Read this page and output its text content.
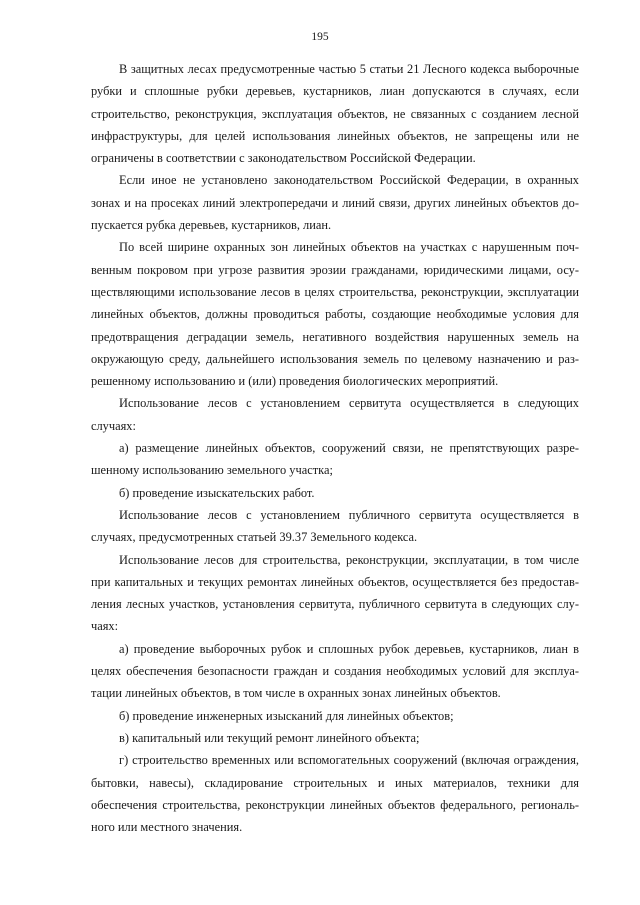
195

В защитных лесах предусмотренные частью 5 статьи 21 Лесного кодекса выборочные рубки и сплошные рубки деревьев, кустарников, лиан допускаются в случаях, если строительство, реконструкция, эксплуатация объектов, не связанных с созданием лесной инфраструктуры, для целей использования линейных объектов, не запрещены или не ограничены в соответствии с законодательством Российской Федерации.

Если иное не установлено законодательством Российской Федерации, в охранных зонах и на просеках линий электропередачи и линий связи, других линейных объектов допускается рубка деревьев, кустарников, лиан.

По всей ширине охранных зон линейных объектов на участках с нарушенным почвенным покровом при угрозе развития эрозии гражданами, юридическими лицами, осуществляющими использование лесов в целях строительства, реконструкции, эксплуатации линейных объектов, должны проводиться работы, создающие необходимые условия для предотвращения деградации земель, негативного воздействия нарушенных земель на окружающую среду, дальнейшего использования земель по целевому назначению и разрешенному использованию и (или) проведения биологических мероприятий.

Использование лесов с установлением сервитута осуществляется в следующих случаях:

а) размещение линейных объектов, сооружений связи, не препятствующих разрешенному использованию земельного участка;

б) проведение изыскательских работ.

Использование лесов с установлением публичного сервитута осуществляется в случаях, предусмотренных статьей 39.37 Земельного кодекса.

Использование лесов для строительства, реконструкции, эксплуатации, в том числе при капитальных и текущих ремонтах линейных объектов, осуществляется без предоставления лесных участков, установления сервитута, публичного сервитута в следующих случаях:

а) проведение выборочных рубок и сплошных рубок деревьев, кустарников, лиан в целях обеспечения безопасности граждан и создания необходимых условий для эксплуатации линейных объектов, в том числе в охранных зонах линейных объектов.

б) проведение инженерных изысканий для линейных объектов;

в) капитальный или текущий ремонт линейного объекта;

г) строительство временных или вспомогательных сооружений (включая ограждения, бытовки, навесы), складирование строительных и иных материалов, техники для обеспечения строительства, реконструкции линейных объектов федерального, регионального или местного значения.
